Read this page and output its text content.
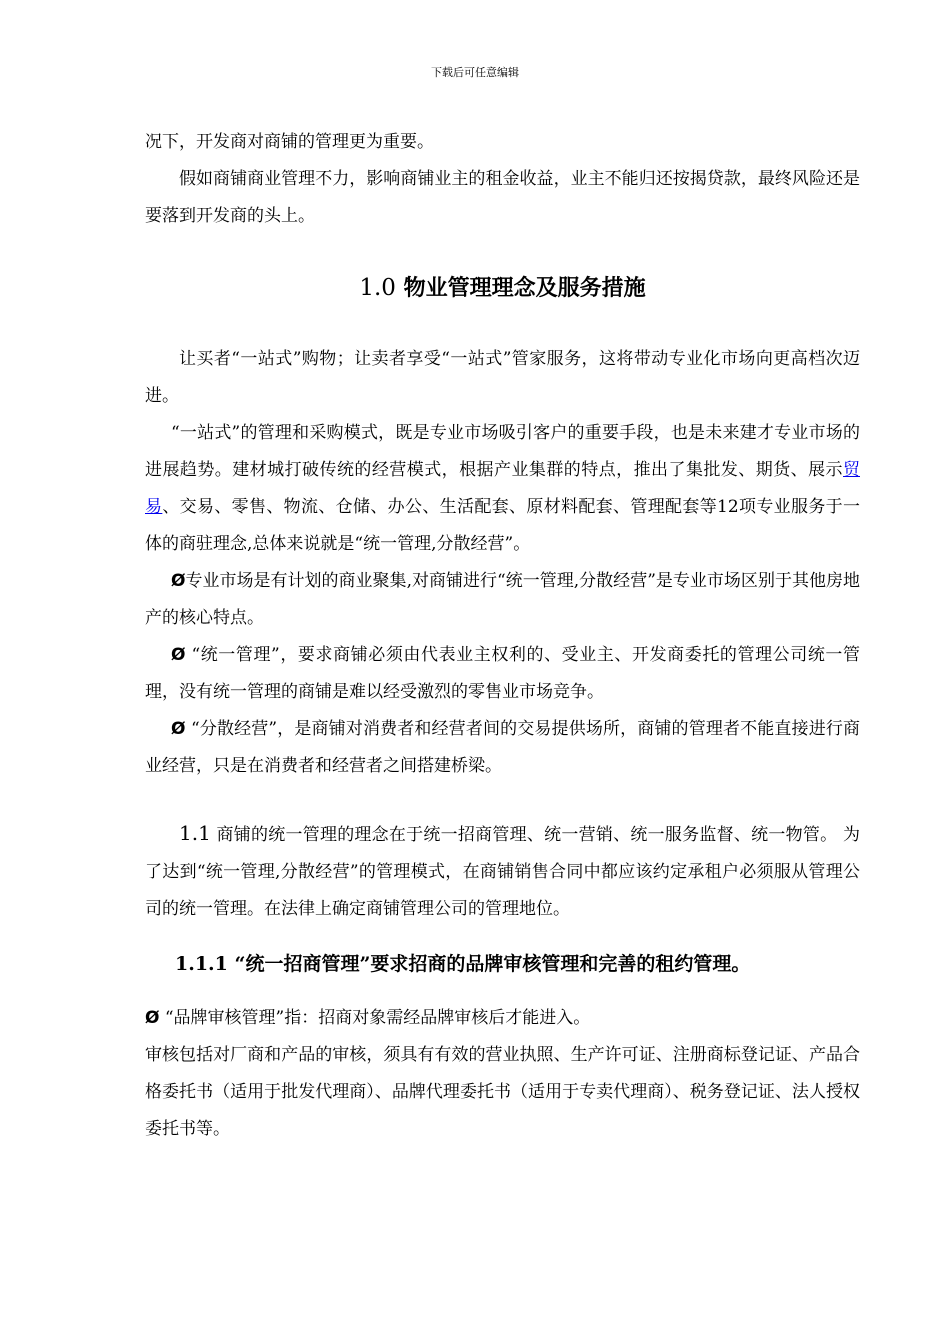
下载后可任意编辑

况下，开发商对商铺的管理更为重要。

假如商铺商业管理不力，影响商铺业主的租金收益，业主不能归还按揭贷款，最终风险还是要落到开发商的头上。

1.0 物业管理理念及服务措施

让买者“一站式”购物；让卖者享受“一站式”管家服务，这将带动专业化市场向更高档次迈进。

“一站式”的管理和采购模式，既是专业市场吸引客户的重要手段，也是未来建才专业市场的进展趋势。建材城打破传统的经营模式，根据产业集群的特点，推出了集批发、期货、展示贸易、交易、零售、物流、仓储、办公、生活配套、原材料配套、管理配套等12项专业服务于一体的商驻理念,总体来说就是“统一管理,分散经营”。

Ø专业市场是有计划的商业聚集,对商铺进行“统一管理,分散经营”是专业市场区别于其他房地产的核心特点。

Ø “统一管理”，要求商铺必须由代表业主权利的、受业主、开发商委托的管理公司统一管理，没有统一管理的商铺是难以经受激烈的零售业市场竞争。

Ø “分散经营”，是商铺对消费者和经营者间的交易提供场所，商铺的管理者不能直接进行商业经营，只是在消费者和经营者之间搭建桥梁。

1.1 商铺的统一管理的理念在于统一招商管理、统一营销、统一服务监督、统一物管。 为了达到“统一管理,分散经营”的管理模式，在商铺销售合同中都应该约定承租户必须服从管理公司的统一管理。在法律上确定商铺管理公司的管理地位。

1.1.1 “统一招商管理”要求招商的品牌审核管理和完善的租约管理。

Ø “品牌审核管理”指：招商对象需经品牌审核后才能进入。

审核包括对厂商和产品的审核，须具有有效的营业执照、生产许可证、注册商标登记证、产品合格委托书（适用于批发代理商）、品牌代理委托书（适用于专卖代理商）、税务登记证、法人授权委托书等。
